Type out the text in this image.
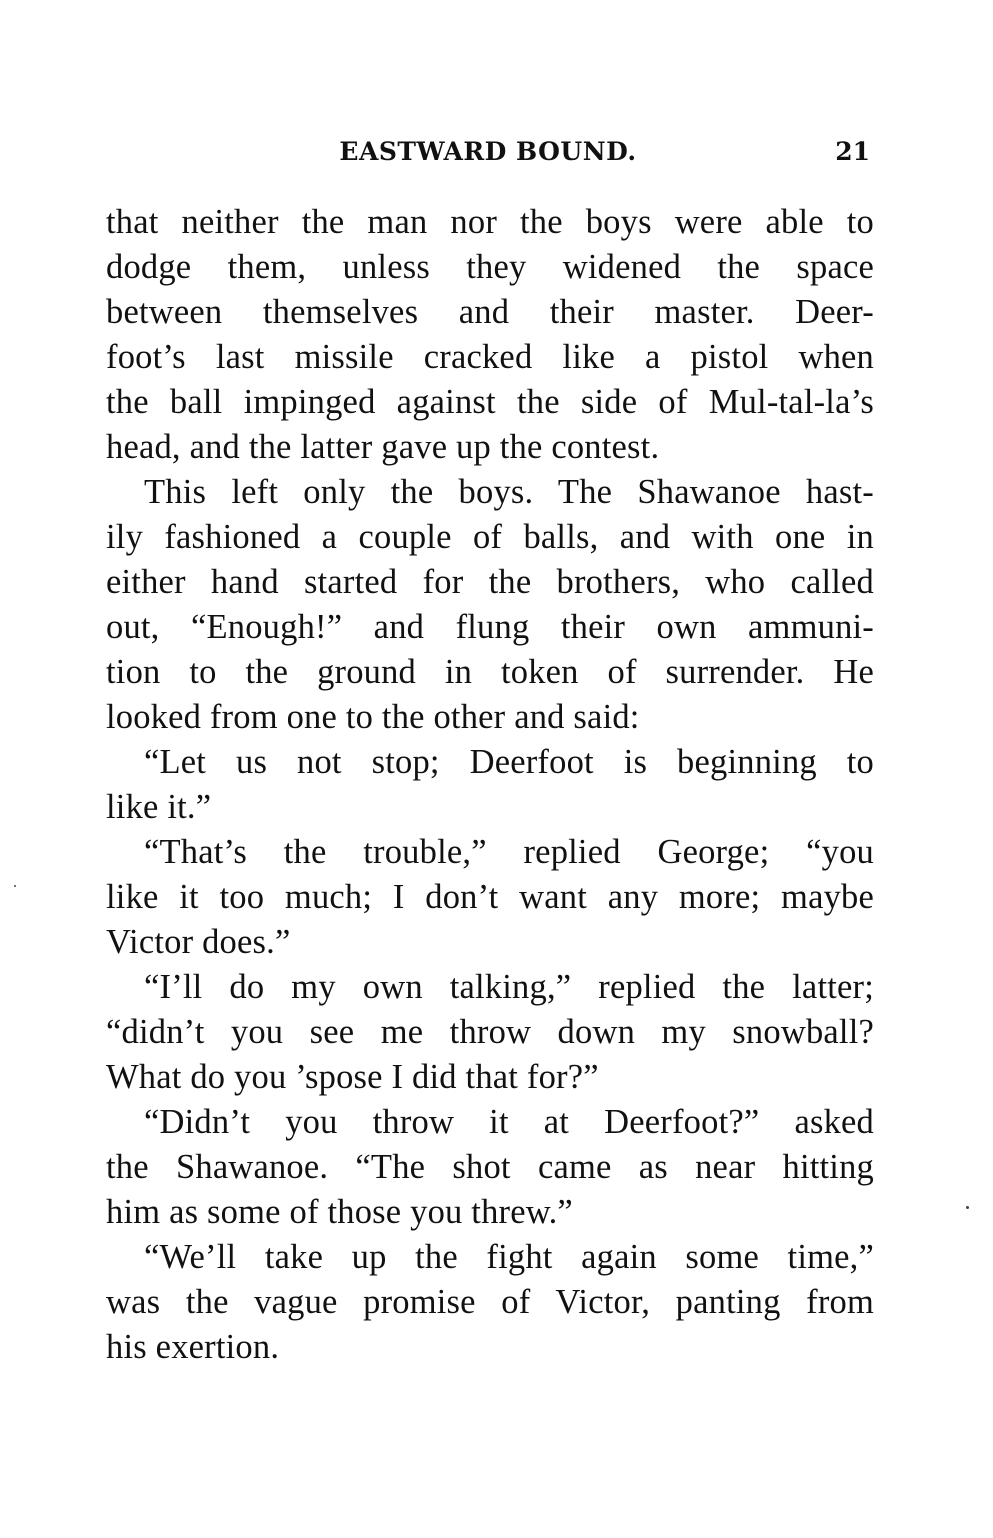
EASTWARD BOUND.	21
that neither the man nor the boys were able to
dodge them, unless they widened the space
between themselves and their master. Deer-
foot’s last missile cracked like a pistol when
the ball impinged against the side of Mul-tal-la’s
head, and the latter gave up the contest.
This left only the boys. The Shawanoe hast-
ily fashioned a couple of balls, and with one in
either hand started for the brothers, who called
out, “Enough!” and flung their own ammuni-
tion to the ground in token of surrender. He
looked from one to the other and said:
“Let us not stop; Deerfoot is beginning to
like it.”
“That’s the trouble,” replied George; “you
like it too much; I don’t want any more; maybe
Victor does.”
“I’ll do my own talking,” replied the latter;
“didn’t you see me throw down my snowball?
What do you ’spose I did that for?”
“Didn’t you throw it at Deerfoot?” asked
the Shawanoe. “The shot came as near hitting
him as some of those you threw.”
“We’ll take up the fight again some time,”
was the vague promise of Victor, panting from
his exertion.
